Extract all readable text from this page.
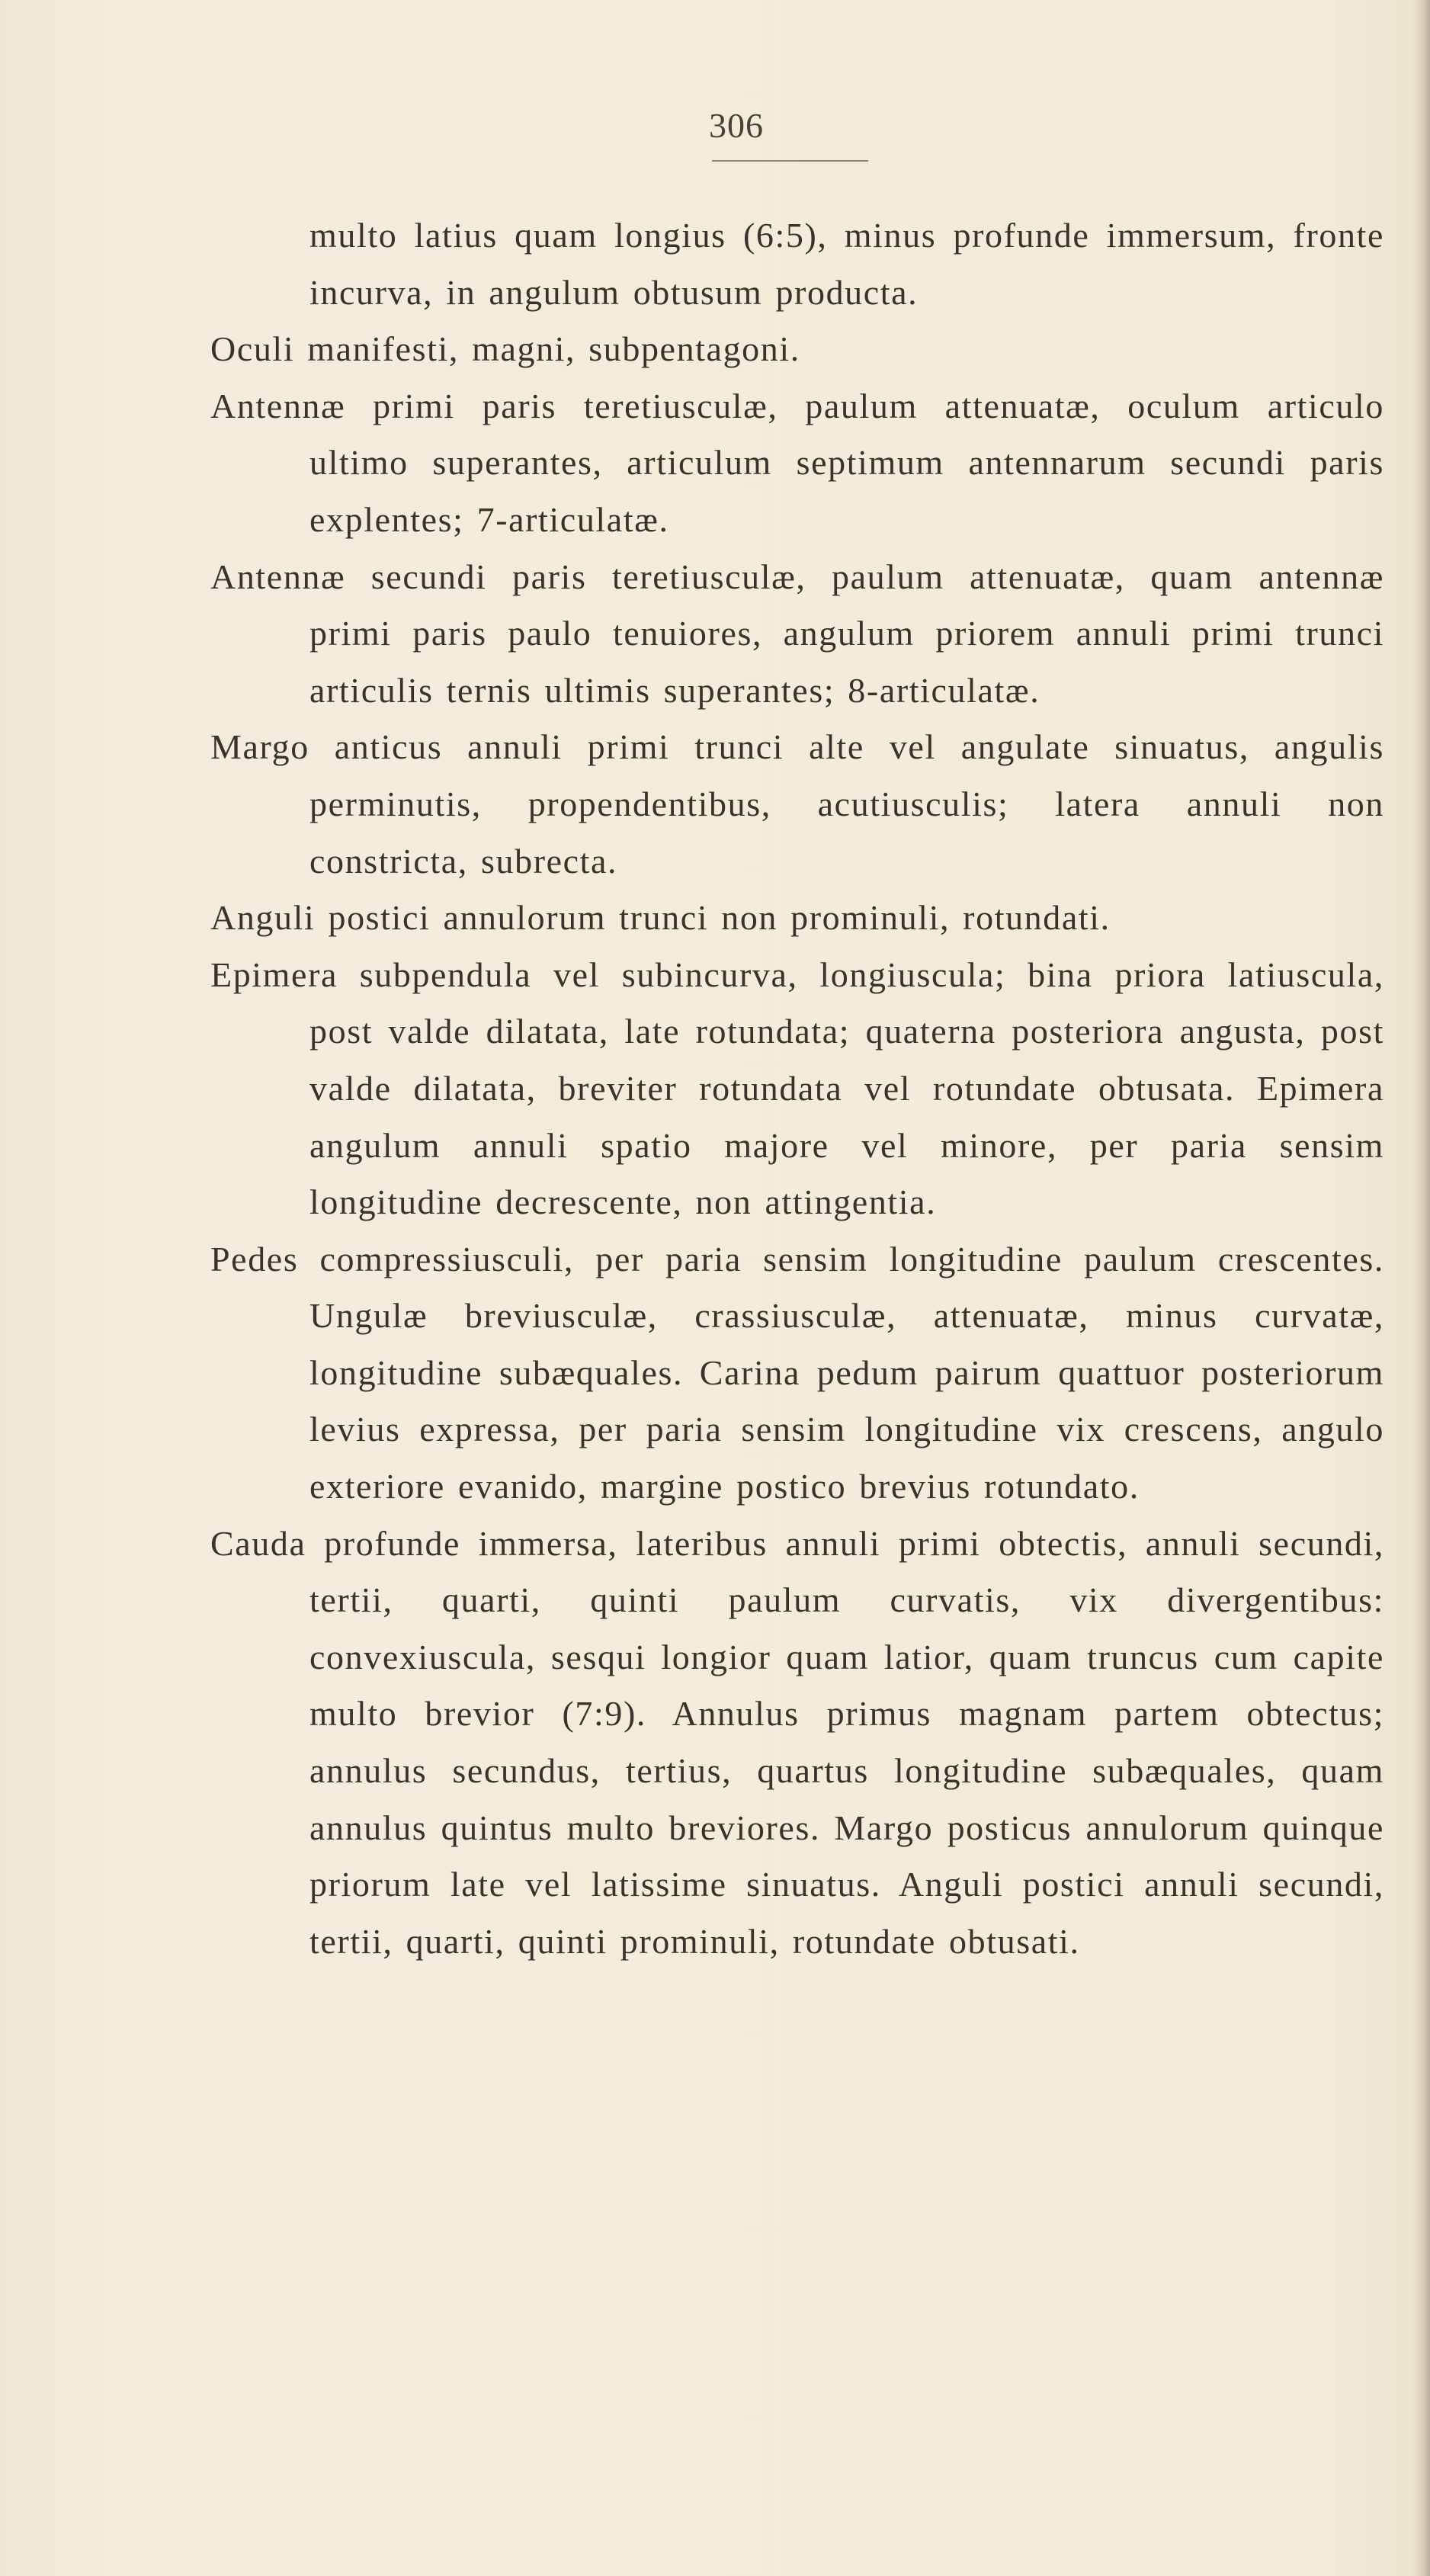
306

multo latius quam longius (6:5), minus profunde immersum, fronte incurva, in angulum obtusum producta.

Oculi manifesti, magni, subpentagoni.

Antennæ primi paris teretiusculæ, paulum attenuatæ, oculum articulo ultimo superantes, articulum septimum antennarum secundi paris explentes; 7-articulatæ.

Antennæ secundi paris teretiusculæ, paulum attenuatæ, quam antennæ primi paris paulo tenuiores, angulum priorem annuli primi trunci articulis ternis ultimis superantes; 8-articulatæ.

Margo anticus annuli primi trunci alte vel angulate sinuatus, angulis perminutis, propendentibus, acutiusculis; latera annuli non constricta, subrecta.

Anguli postici annulorum trunci non prominuli, rotundati.

Epimera subpendula vel subincurva, longiuscula; bina priora latiuscula, post valde dilatata, late rotundata; quaterna posteriora angusta, post valde dilatata, breviter rotundata vel rotundate obtusata. Epimera angulum annuli spatio majore vel minore, per paria sensim longitudine decrescente, non attingentia.

Pedes compressiusculi, per paria sensim longitudine paulum crescentes. Ungulæ breviusculæ, crassiusculæ, attenuatæ, minus curvatæ, longitudine subæquales. Carina pedum pairum quattuor posteriorum levius expressa, per paria sensim longitudine vix crescens, angulo exteriore evanido, margine postico brevius rotundato.

Cauda profunde immersa, lateribus annuli primi obtectis, annuli secundi, tertii, quarti, quinti paulum curvatis, vix divergentibus: convexiuscula, sesqui longior quam latior, quam truncus cum capite multo brevior (7:9). Annulus primus magnam partem obtectus; annulus secundus, tertius, quartus longitudine subæquales, quam annulus quintus multo breviores. Margo posticus annulorum quinque priorum late vel latissime sinuatus. Anguli postici annuli secundi, tertii, quarti, quinti prominuli, rotundate obtusati.
